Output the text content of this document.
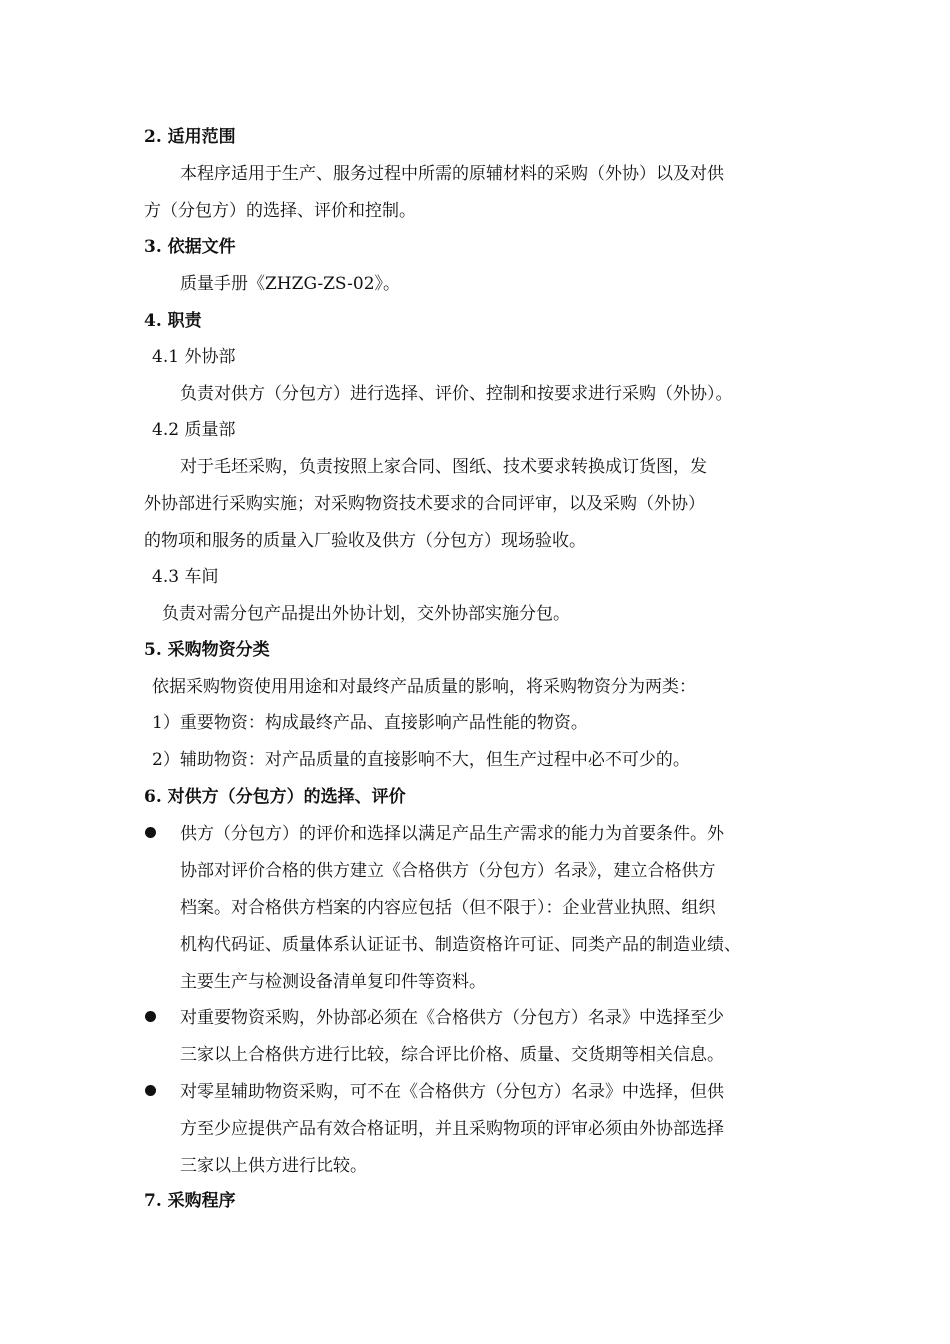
2. 适用范围
本程序适用于生产、服务过程中所需的原辅材料的采购（外协）以及对供
方（分包方）的选择、评价和控制。
3. 依据文件
质量手册《ZHZG-ZS-02》。
4. 职责
4.1 外协部
负责对供方（分包方）进行选择、评价、控制和按要求进行采购（外协）。
4.2 质量部
对于毛坯采购，负责按照上家合同、图纸、技术要求转换成订货图，发
外协部进行采购实施；对采购物资技术要求的合同评审，以及采购（外协）
的物项和服务的质量入厂验收及供方（分包方）现场验收。
4.3 车间
负责对需分包产品提出外协计划，交外协部实施分包。
5. 采购物资分类
依据采购物资使用用途和对最终产品质量的影响，将采购物资分为两类：
1）重要物资：构成最终产品、直接影响产品性能的物资。
2）辅助物资：对产品质量的直接影响不大，但生产过程中必不可少的。
6. 对供方（分包方）的选择、评价
供方（分包方）的评价和选择以满足产品生产需求的能力为首要条件。外
协部对评价合格的供方建立《合格供方（分包方）名录》，建立合格供方
档案。对合格供方档案的内容应包括（但不限于）：企业营业执照、组织
机构代码证、质量体系认证证书、制造资格许可证、同类产品的制造业绩、
主要生产与检测设备清单复印件等资料。
对重要物资采购，外协部必须在《合格供方（分包方）名录》中选择至少
三家以上合格供方进行比较，综合评比价格、质量、交货期等相关信息。
对零星辅助物资采购，可不在《合格供方（分包方）名录》中选择，但供
方至少应提供产品有效合格证明，并且采购物项的评审必须由外协部选择
三家以上供方进行比较。
7. 采购程序
